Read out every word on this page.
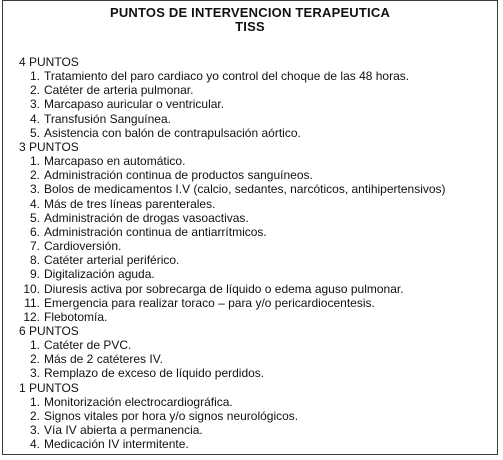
PUNTOS DE INTERVENCION TERAPEUTICA
TISS
4 PUNTOS
1. Tratamiento del paro cardiaco yo control del choque de las 48 horas.
2. Catéter de arteria pulmonar.
3. Marcapaso auricular o ventricular.
4. Transfusión Sanguínea.
5. Asistencia con balón de contrapulsación aórtico.
3 PUNTOS
1. Marcapaso en automático.
2. Administración continua de productos sanguíneos.
3. Bolos de medicamentos I.V (calcio, sedantes, narcóticos, antihipertensivos)
4. Más de tres líneas parenterales.
5. Administración de drogas vasoactivas.
6. Administración continua de antiarrítmicos.
7. Cardioversión.
8. Catéter arterial periférico.
9. Digitalización aguda.
10. Diuresis activa por sobrecarga de líquido o edema aguso pulmonar.
11. Emergencia para realizar toraco – para y/o pericardiocentesis.
12. Flebotomía.
6 PUNTOS
1. Catéter de PVC.
2. Más de 2 catéteres IV.
3. Remplazo de exceso de líquido perdidos.
1 PUNTOS
1. Monitorización electrocardiográfica.
2. Signos vitales por hora y/o signos neurológicos.
3. Vía IV abierta a permanencia.
4. Medicación IV intermitente.
